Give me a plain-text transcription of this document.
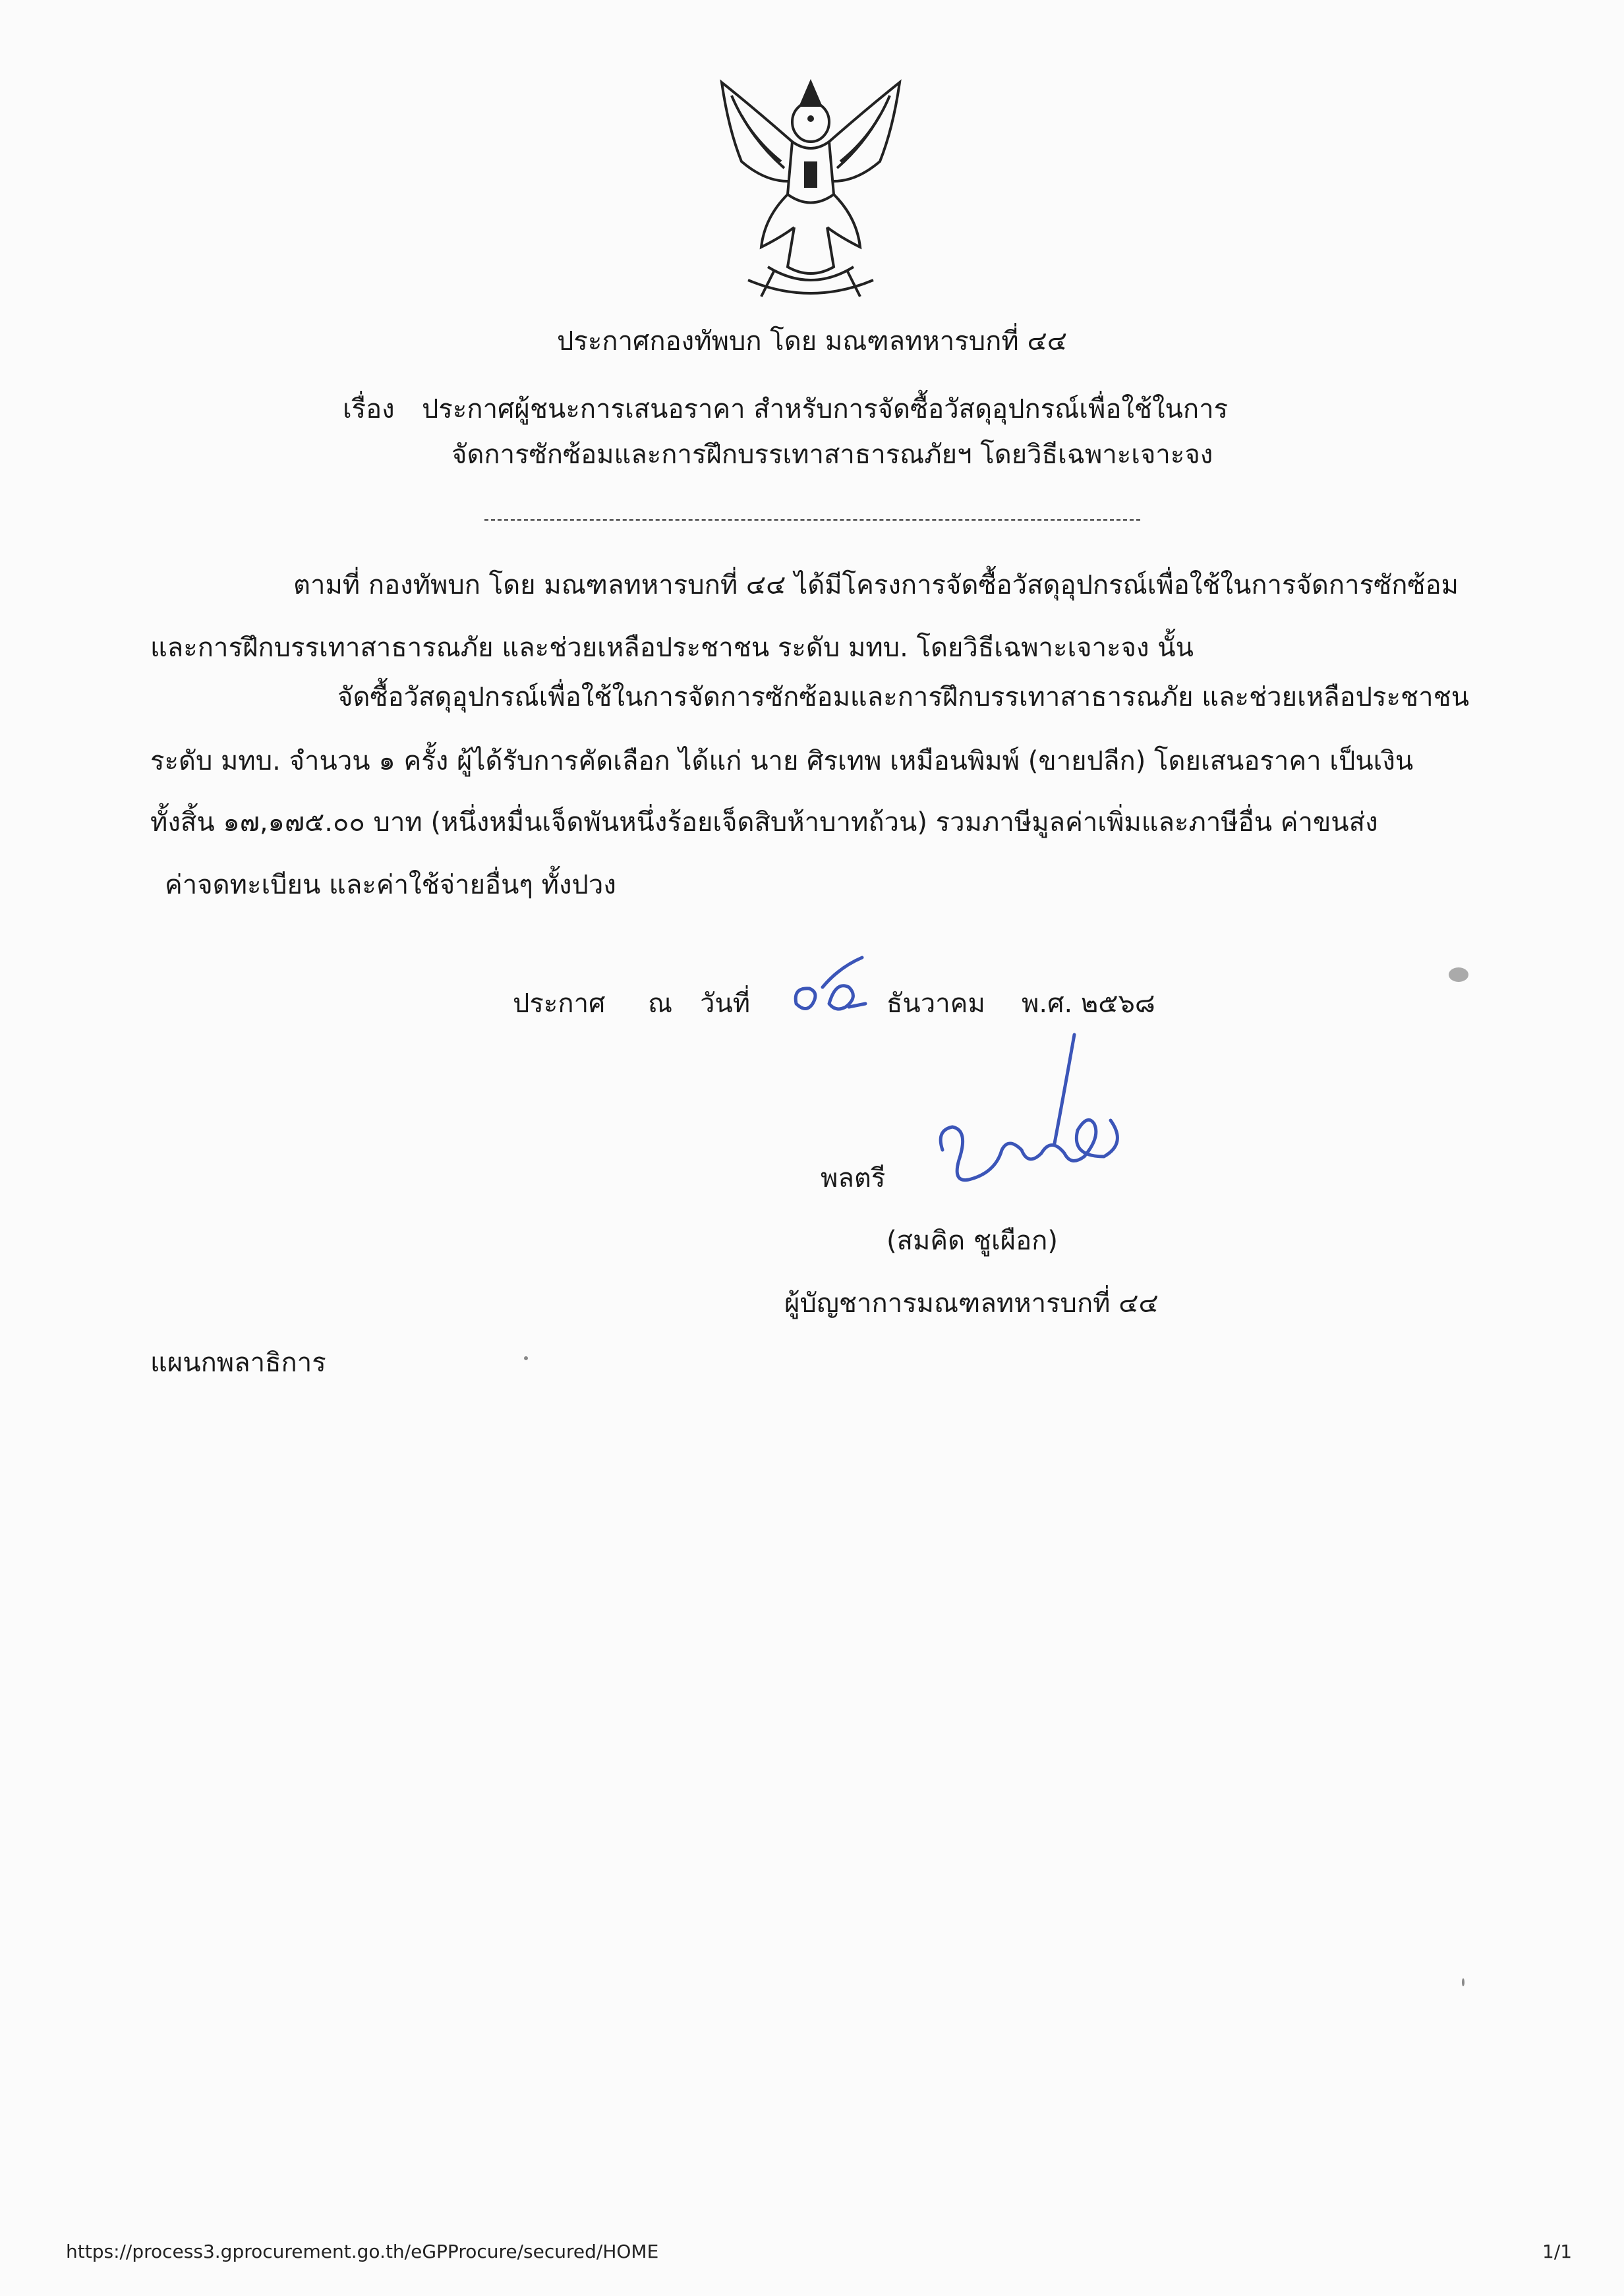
ประกาศกองทัพบก โดย มณฑลทหารบกที่ ๔๔
เรื่อง ประกาศผู้ชนะการเสนอราคา สำหรับการจัดซื้อวัสดุอุปกรณ์เพื่อใช้ในการ
จัดการซักซ้อมและการฝึกบรรเทาสาธารณภัยฯ โดยวิธีเฉพาะเจาะจง
ตามที่ กองทัพบก โดย มณฑลทหารบกที่ ๔๔ ได้มีโครงการจัดซื้อวัสดุอุปกรณ์เพื่อใช้ในการจัดการซักซ้อม
และการฝึกบรรเทาสาธารณภัย และช่วยเหลือประชาชน ระดับ มทบ. โดยวิธีเฉพาะเจาะจง นั้น
จัดซื้อวัสดุอุปกรณ์เพื่อใช้ในการจัดการซักซ้อมและการฝึกบรรเทาสาธารณภัย และช่วยเหลือประชาชน
ระดับ มทบ. จำนวน ๑ ครั้ง ผู้ได้รับการคัดเลือก ได้แก่ นาย ศิรเทพ เหมือนพิมพ์ (ขายปลีก) โดยเสนอราคา เป็นเงิน
ทั้งสิ้น ๑๗,๑๗๕.๐๐ บาท (หนึ่งหมื่นเจ็ดพันหนึ่งร้อยเจ็ดสิบห้าบาทถ้วน) รวมภาษีมูลค่าเพิ่มและภาษีอื่น ค่าขนส่ง
ค่าจดทะเบียน และค่าใช้จ่ายอื่นๆ ทั้งปวง
ประกาศ ณ วันที่	ธันวาคม พ.ศ. ๒๕๖๘
พลตรี
(สมคิด ชูเผือก)
ผู้บัญชาการมณฑลทหารบกที่ ๔๔
แผนกพลาธิการ
https://process3.gprocurement.go.th/eGPProcure/secured/HOME	1/1
